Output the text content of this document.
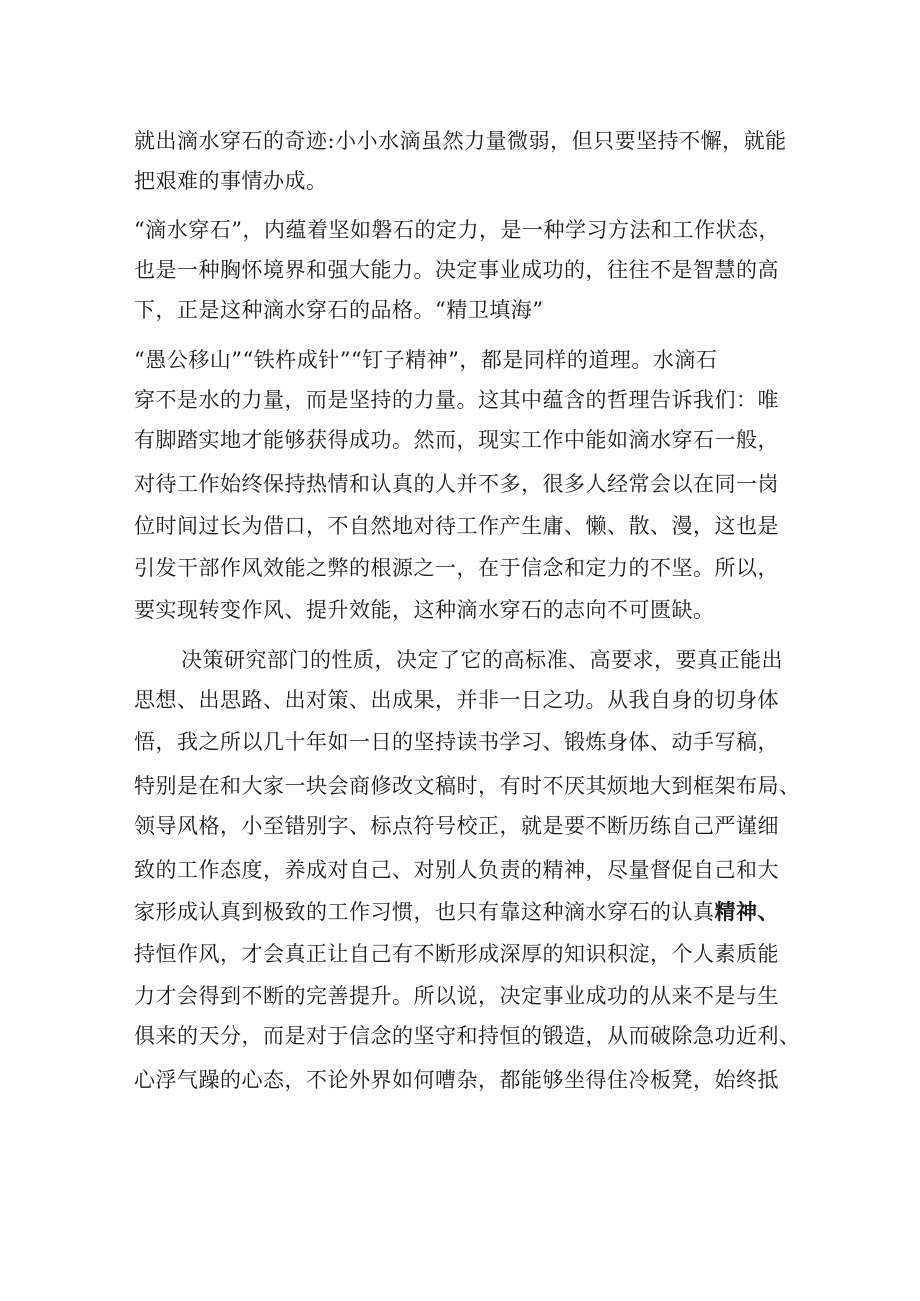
就出滴水穿石的奇迹:小小水滴虽然力量微弱，但只要坚持不懈，就能
把艰难的事情办成。
“滴水穿石”，内蕴着坚如磐石的定力，是一种学习方法和工作状态，
也是一种胸怀境界和强大能力。决定事业成功的，往往不是智慧的高
下，正是这种滴水穿石的品格。“精卫填海”
“愚公移山”“铁杵成针”“钉子精神”，都是同样的道理。水滴石
穿不是水的力量，而是坚持的力量。这其中蕴含的哲理告诉我们：唯
有脚踏实地才能够获得成功。然而，现实工作中能如滴水穿石一般，
对待工作始终保持热情和认真的人并不多，很多人经常会以在同一岗
位时间过长为借口，不自然地对待工作产生庸、懒、散、漫，这也是
引发干部作风效能之弊的根源之一，在于信念和定力的不坚。所以，
要实现转变作风、提升效能，这种滴水穿石的志向不可匮缺。
决策研究部门的性质，决定了它的高标准、高要求，要真正能出
思想、出思路、出对策、出成果，并非一日之功。从我自身的切身体
悟，我之所以几十年如一日的坚持读书学习、锻炼身体、动手写稿，
特别是在和大家一块会商修改文稿时，有时不厌其烦地大到框架布局、
领导风格，小至错别字、标点符号校正，就是要不断历练自己严谨细
致的工作态度，养成对自己、对别人负责的精神，尽量督促自己和大
家形成认真到极致的工作习惯，也只有靠这种滴水穿石的认真精神、
持恒作风，才会真正让自己有不断形成深厚的知识积淀，个人素质能
力才会得到不断的完善提升。所以说，决定事业成功的从来不是与生
俱来的天分，而是对于信念的坚守和持恒的锻造，从而破除急功近利、
心浮气躁的心态，不论外界如何嘈杂，都能够坐得住冷板凳，始终抵
